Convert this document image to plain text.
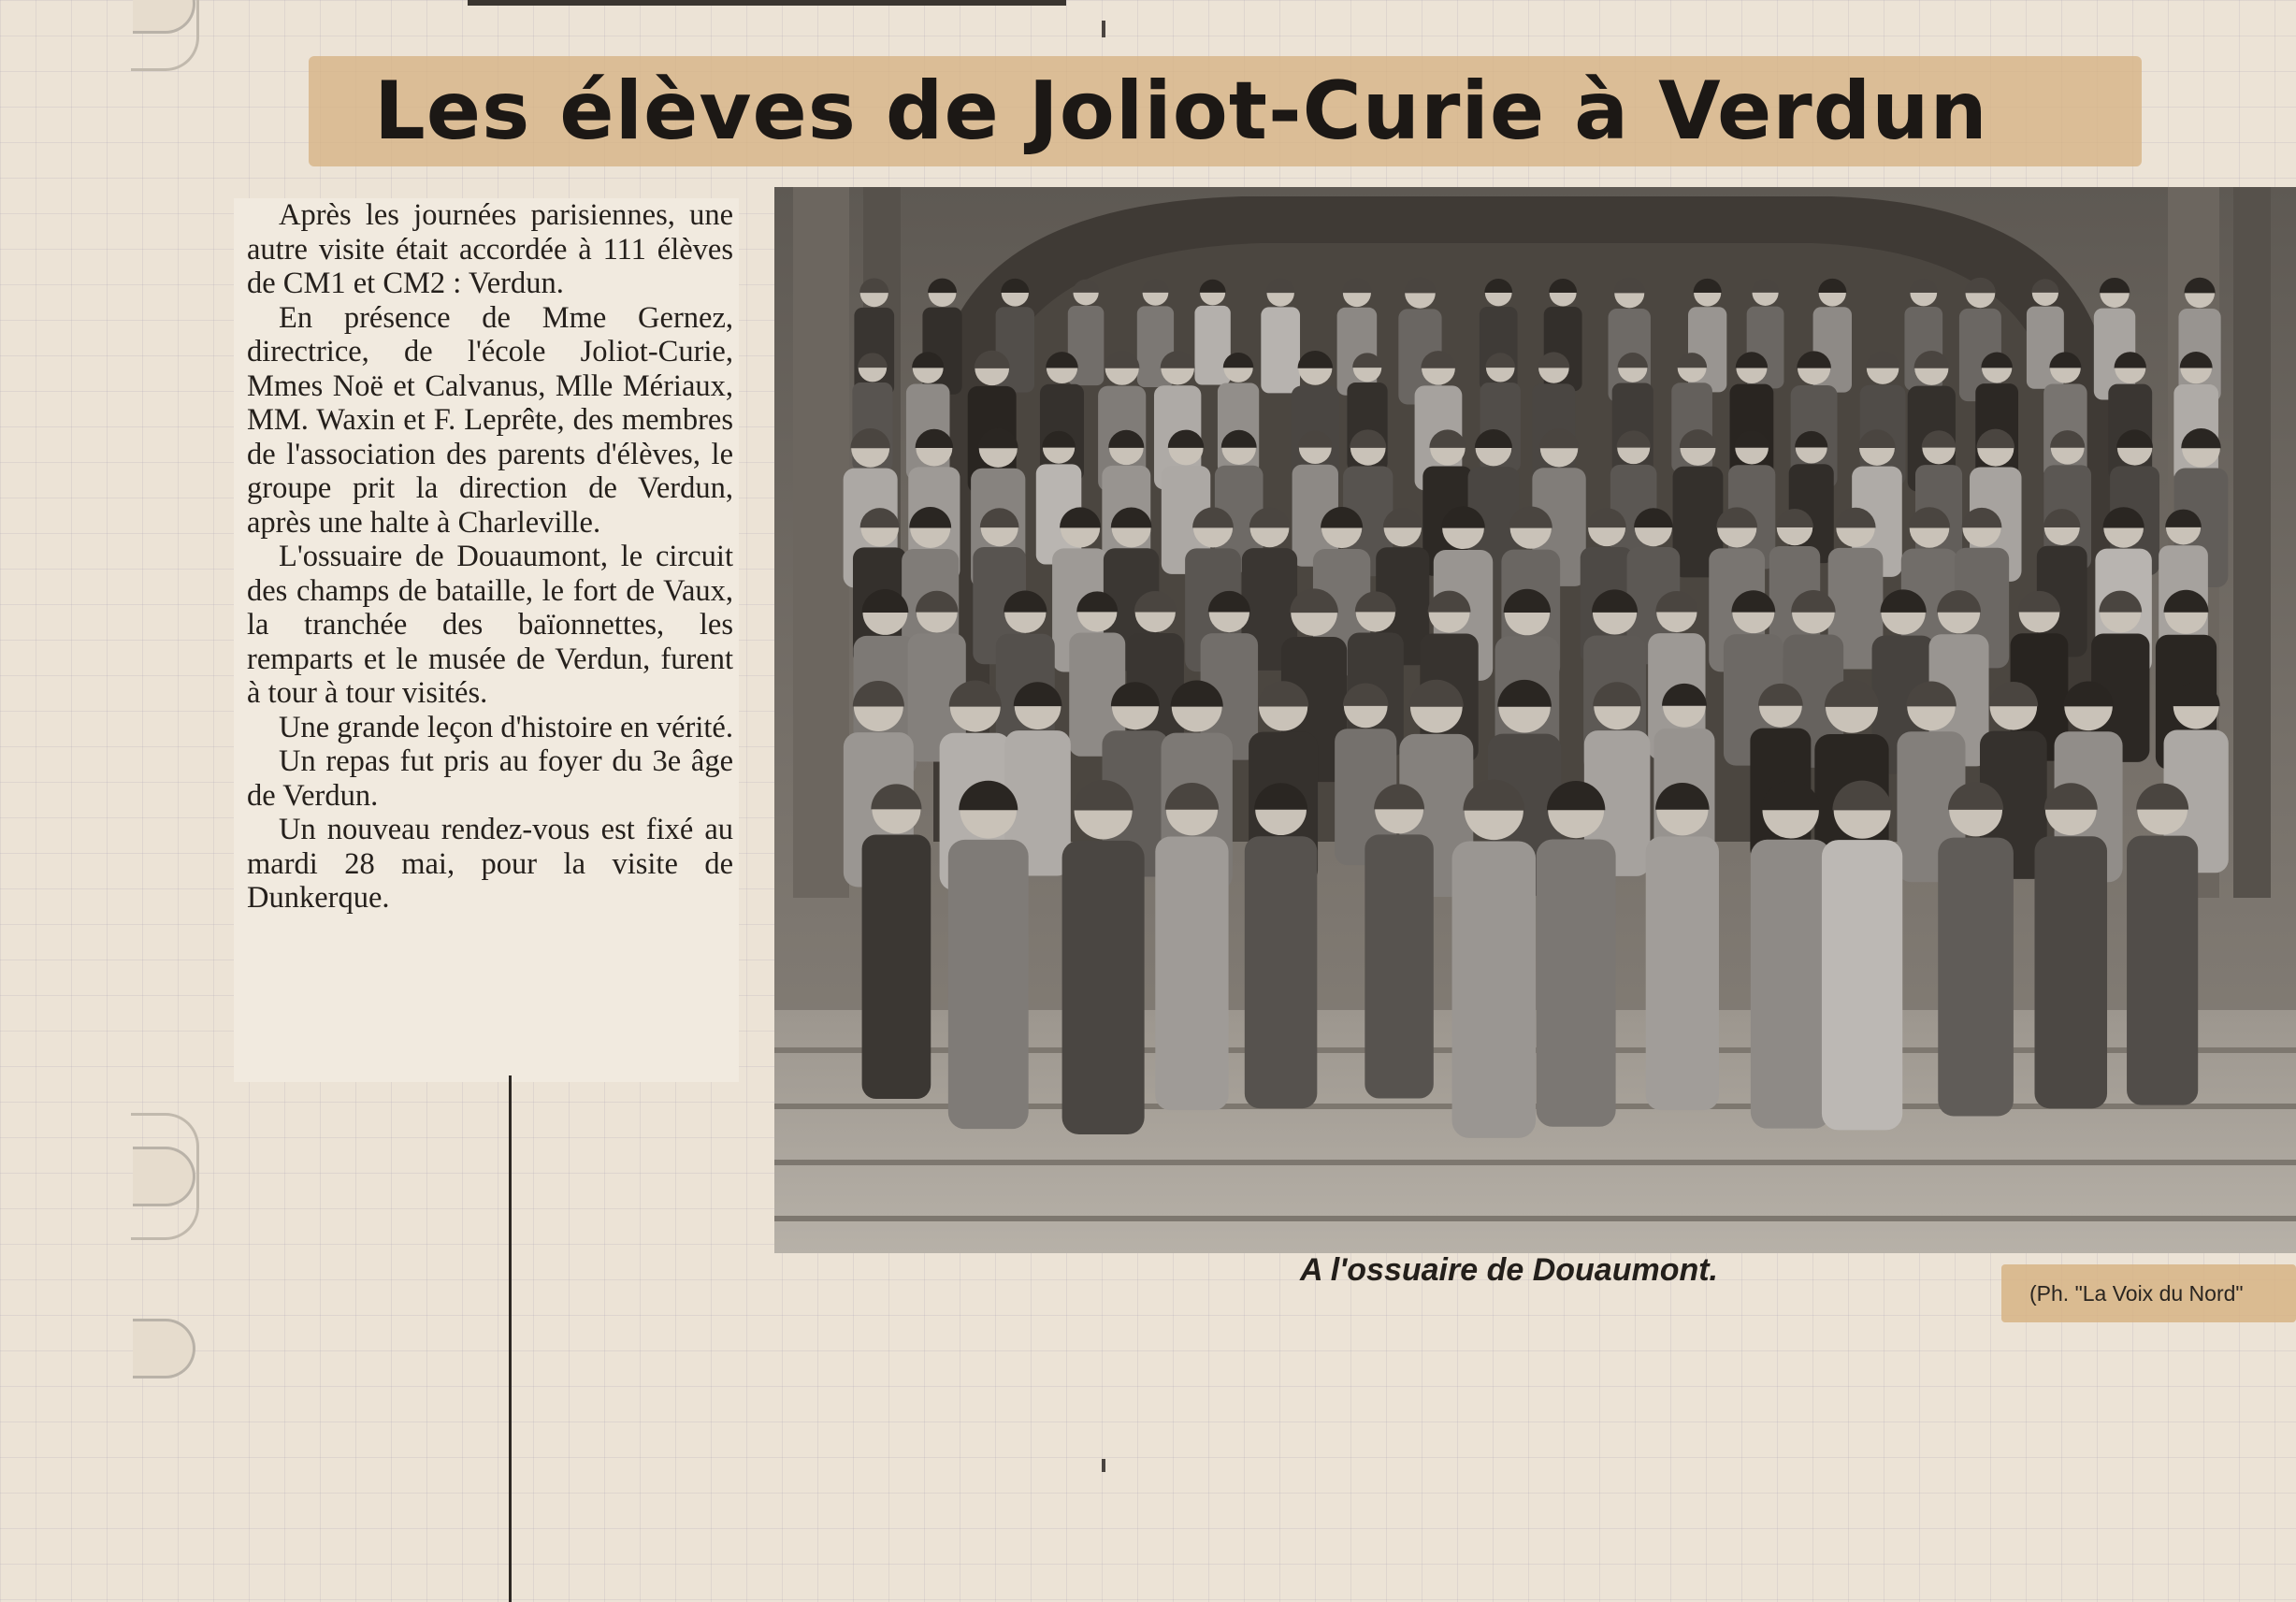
Les élèves de Joliot-Curie à Verdun

Après les journées parisiennes, une autre visite était accordée à 111 élèves de CM1 et CM2 : Verdun.

En présence de Mme Gernez, directrice, de l'école Joliot-Curie, Mmes Noë et Calvanus, Mlle Mériaux, MM. Waxin et F. Leprête, des membres de l'association des parents d'élèves, le groupe prit la direction de Verdun, après une halte à Charleville.

L'ossuaire de Douaumont, le circuit des champs de bataille, le fort de Vaux, la tranchée des baïonnettes, les remparts et le musée de Verdun, furent à tour à tour visités.

Une grande leçon d'histoire en vérité.

Un repas fut pris au foyer du 3e âge de Verdun.

Un nouveau rendez-vous est fixé au mardi 28 mai, pour la visite de Dunkerque.

A l'ossuaire de Douaumont.

(Ph. "La Voix du Nord"
